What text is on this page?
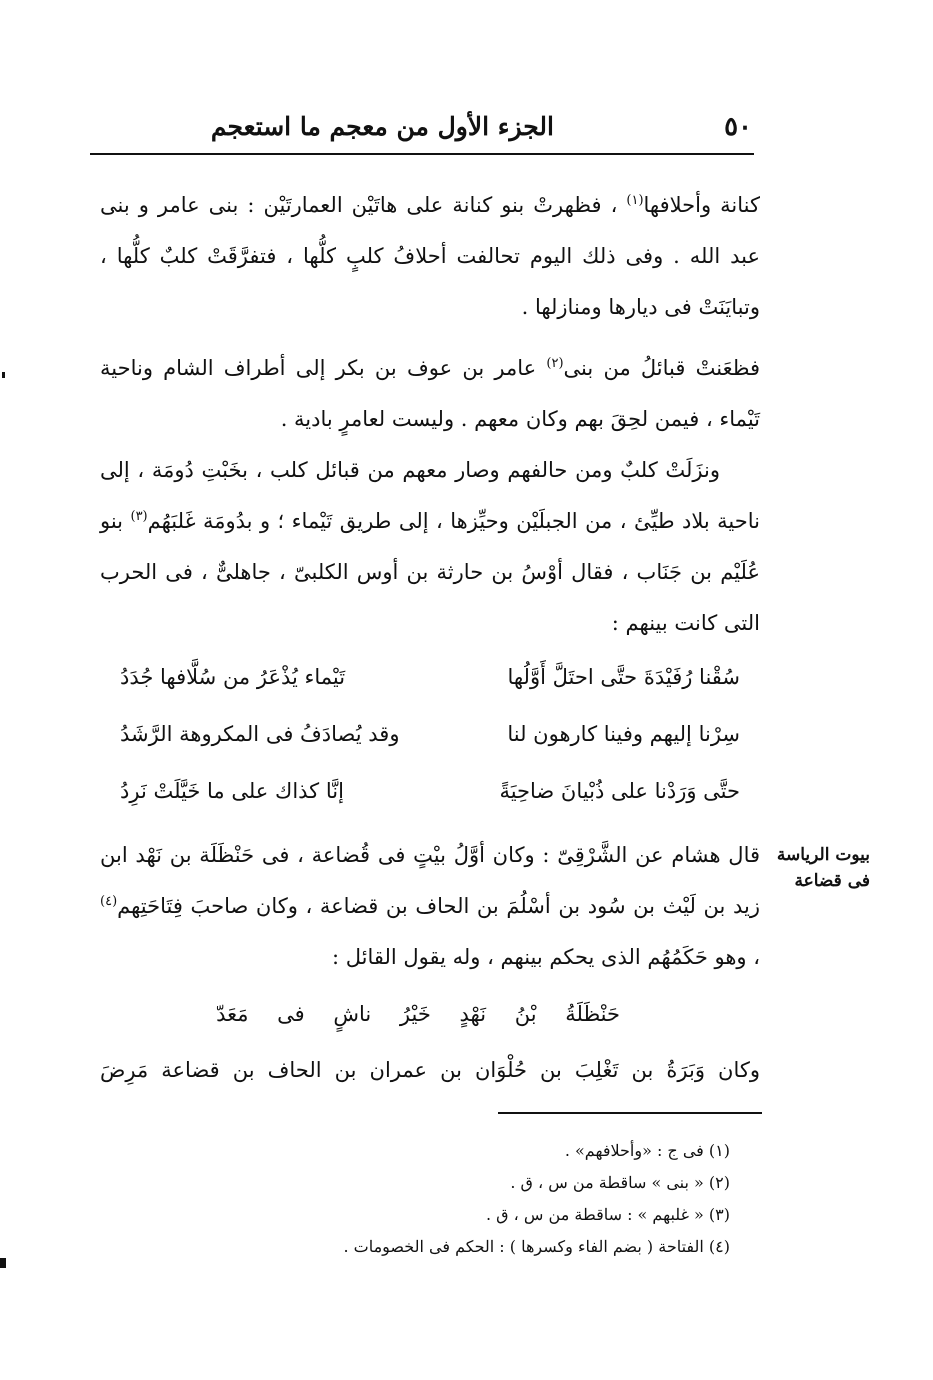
٥٠
الجزء الأول من معجم ما استعجم

كنانة وأحلافها$^{(١)}$ ، فظهرتْ بنو كنانة على هاتَيْن العمارتَيْن : بنى عامر و بنى عبد الله . وفى ذلك اليوم تحالفت أحلافُ كلبٍ كلُّها ، فتفرَّقَتْ كلبٌ كلُّها ، وتبايَنَتْ فى ديارها ومنازلها .

فظعَنتْ قبائلُ من بنى$^{(٢)}$ عامر بن عوف بن بكر إلى أطراف الشام وناحية تَيْماء ، فيمن لحِقَ بهم وكان معهم . وليست لعامرٍ بادية .

ونزَلَتْ كلبٌ ومن حالفهم وصار معهم من قبائل كلب ، بخَبْتِ دُومَة ، إلى ناحية بلاد طيِّئ ، من الجبلَيْن وحيِّزها ، إلى طريق تَيْماء ؛ و بدُومَة غَلبَهُم$^{(٣)}$ بنو عُلَيْم بن جَنَاب ، فقال أوْسُ بن حارثة بن أوس الكلبىّ ، جاهلىٌّ ، فى الحرب التى كانت بينهم :

سُقْنا رُفَيْدَةَ حتَّى احتَلَّ أَوَّلُها
تَيْماء يُذْعَرُ من سُلَّافها جُدَدُ
سِرْنا إليهم وفينا كارهون لنا
وقد يُصادَفُ فى المكروهة الرَّشَدُ
حتَّى وَرَدْنا على ذُبْيانَ ضاحِيَةً
إنَّا كذاك على ما خَيَّلَتْ نَرِدُ

قال هشام عن الشَّرْقِىّ : وكان أوَّلُ بيْتٍ فى قُضاعة ، فى حَنْظَلَة بن نَهْد ابن زيد بن لَيْث بن سُود بن أسْلُمَ بن الحاف بن قضاعة ، وكان صاحبَ فِتَاحَتِهم$^{(٤)}$ ، وهو حَكَمُهُم الذى يحكم بينهم ، وله يقول القائل :

حَنْظَلَةُ بْنُ نَهْدٍ خَيْرُ ناشٍ فى مَعَدّ
وكان وَبَرَةُ بن تَغْلِبَ بن حُلْوَان بن عمران بن الحاف بن قضاعة مَرِضَ
بيوت الرياسة
فى قضاعة
(١) فى ج : «وأحلافهم» .
(٢) « بنى » ساقطة من س ، ق .
(٣) « غلبهم » : ساقطة من س ، ق .
(٤) الفتاحة ( بضم الفاء وكسرها ) : الحكم فى الخصومات .
